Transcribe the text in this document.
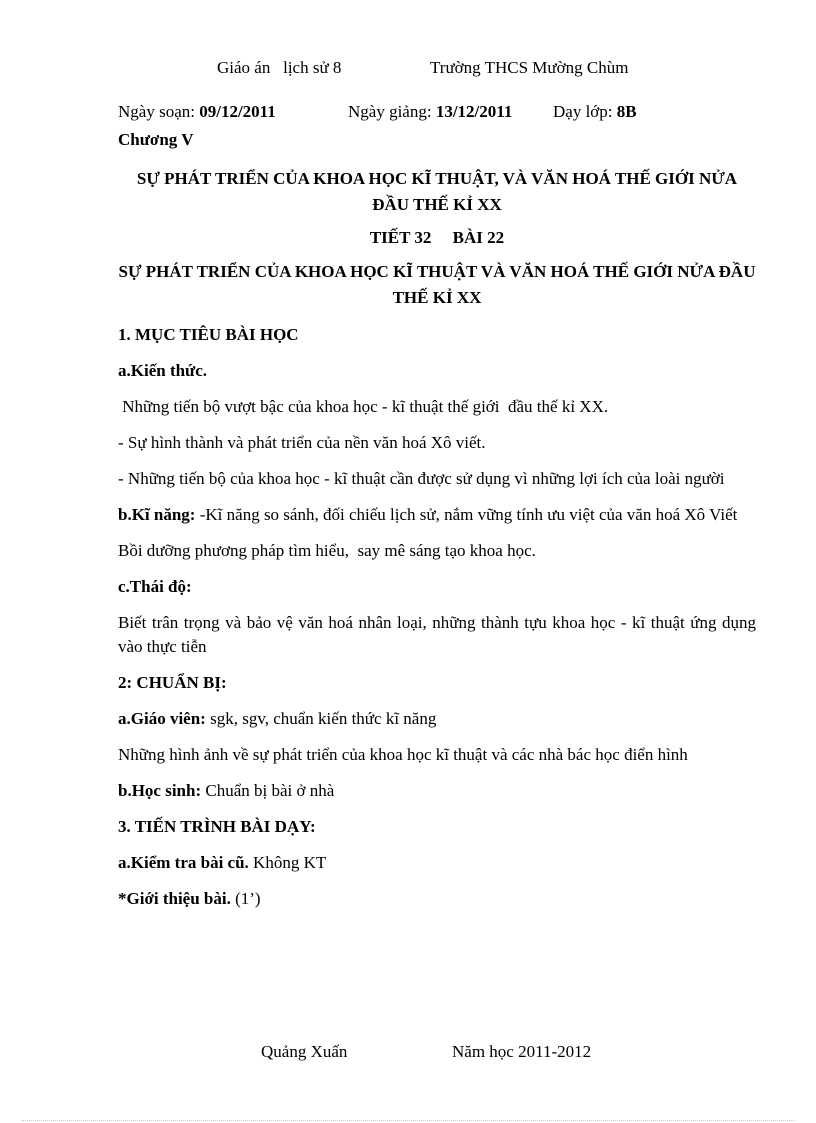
Giáo án   lịch sử 8	Trường THCS Mường Chùm
Ngày soạn: 09/12/2011	Ngày giảng: 13/12/2011 Dạy lớp: 8B

Chương V

SỰ PHÁT TRIỂN CỦA KHOA HỌC KĨ THUẬT, VÀ VĂN HOÁ THẾ GIỚI NỬA ĐẦU THẾ KỈ XX

TIẾT 32     BÀI 22

SỰ PHÁT TRIỂN CỦA KHOA HỌC KĨ THUẬT VÀ VĂN HOÁ THẾ GIỚI NỬA ĐẦU THẾ KỈ XX

1. MỤC TIÊU BÀI HỌC

a.Kiến thức.

Những tiến bộ vượt bậc của khoa học - kĩ thuật thế giới  đầu thế kỉ XX.

- Sự hình thành và phát triển của nền văn hoá Xô viết.

- Những tiến bộ của khoa học - kĩ thuật cần được sử dụng vì những lợi ích của loài người

b.Kĩ năng: -Kĩ năng so sánh, đối chiếu lịch sử, nắm vững tính ưu việt của văn hoá Xô Viết

Bồi dưỡng phương pháp tìm hiểu,  say mê sáng tạo khoa học.

c.Thái độ:

Biết trân trọng và bảo vệ văn hoá nhân loại, những thành tựu khoa học - kĩ thuật ứng dụng vào thực tiễn

2: CHUẨN BỊ:

a.Giáo viên: sgk, sgv, chuẩn kiến thức kĩ năng

Những hình ảnh về sự phát triển của khoa học kĩ thuật và các nhà bác học điển hình

b.Học sinh: Chuẩn bị bài ở nhà

3. TIẾN TRÌNH BÀI DẠY:

a.Kiểm tra bài cũ. Không KT

*Giới thiệu bài. (1’)

Quảng Xuấn	Năm học 2011-2012
